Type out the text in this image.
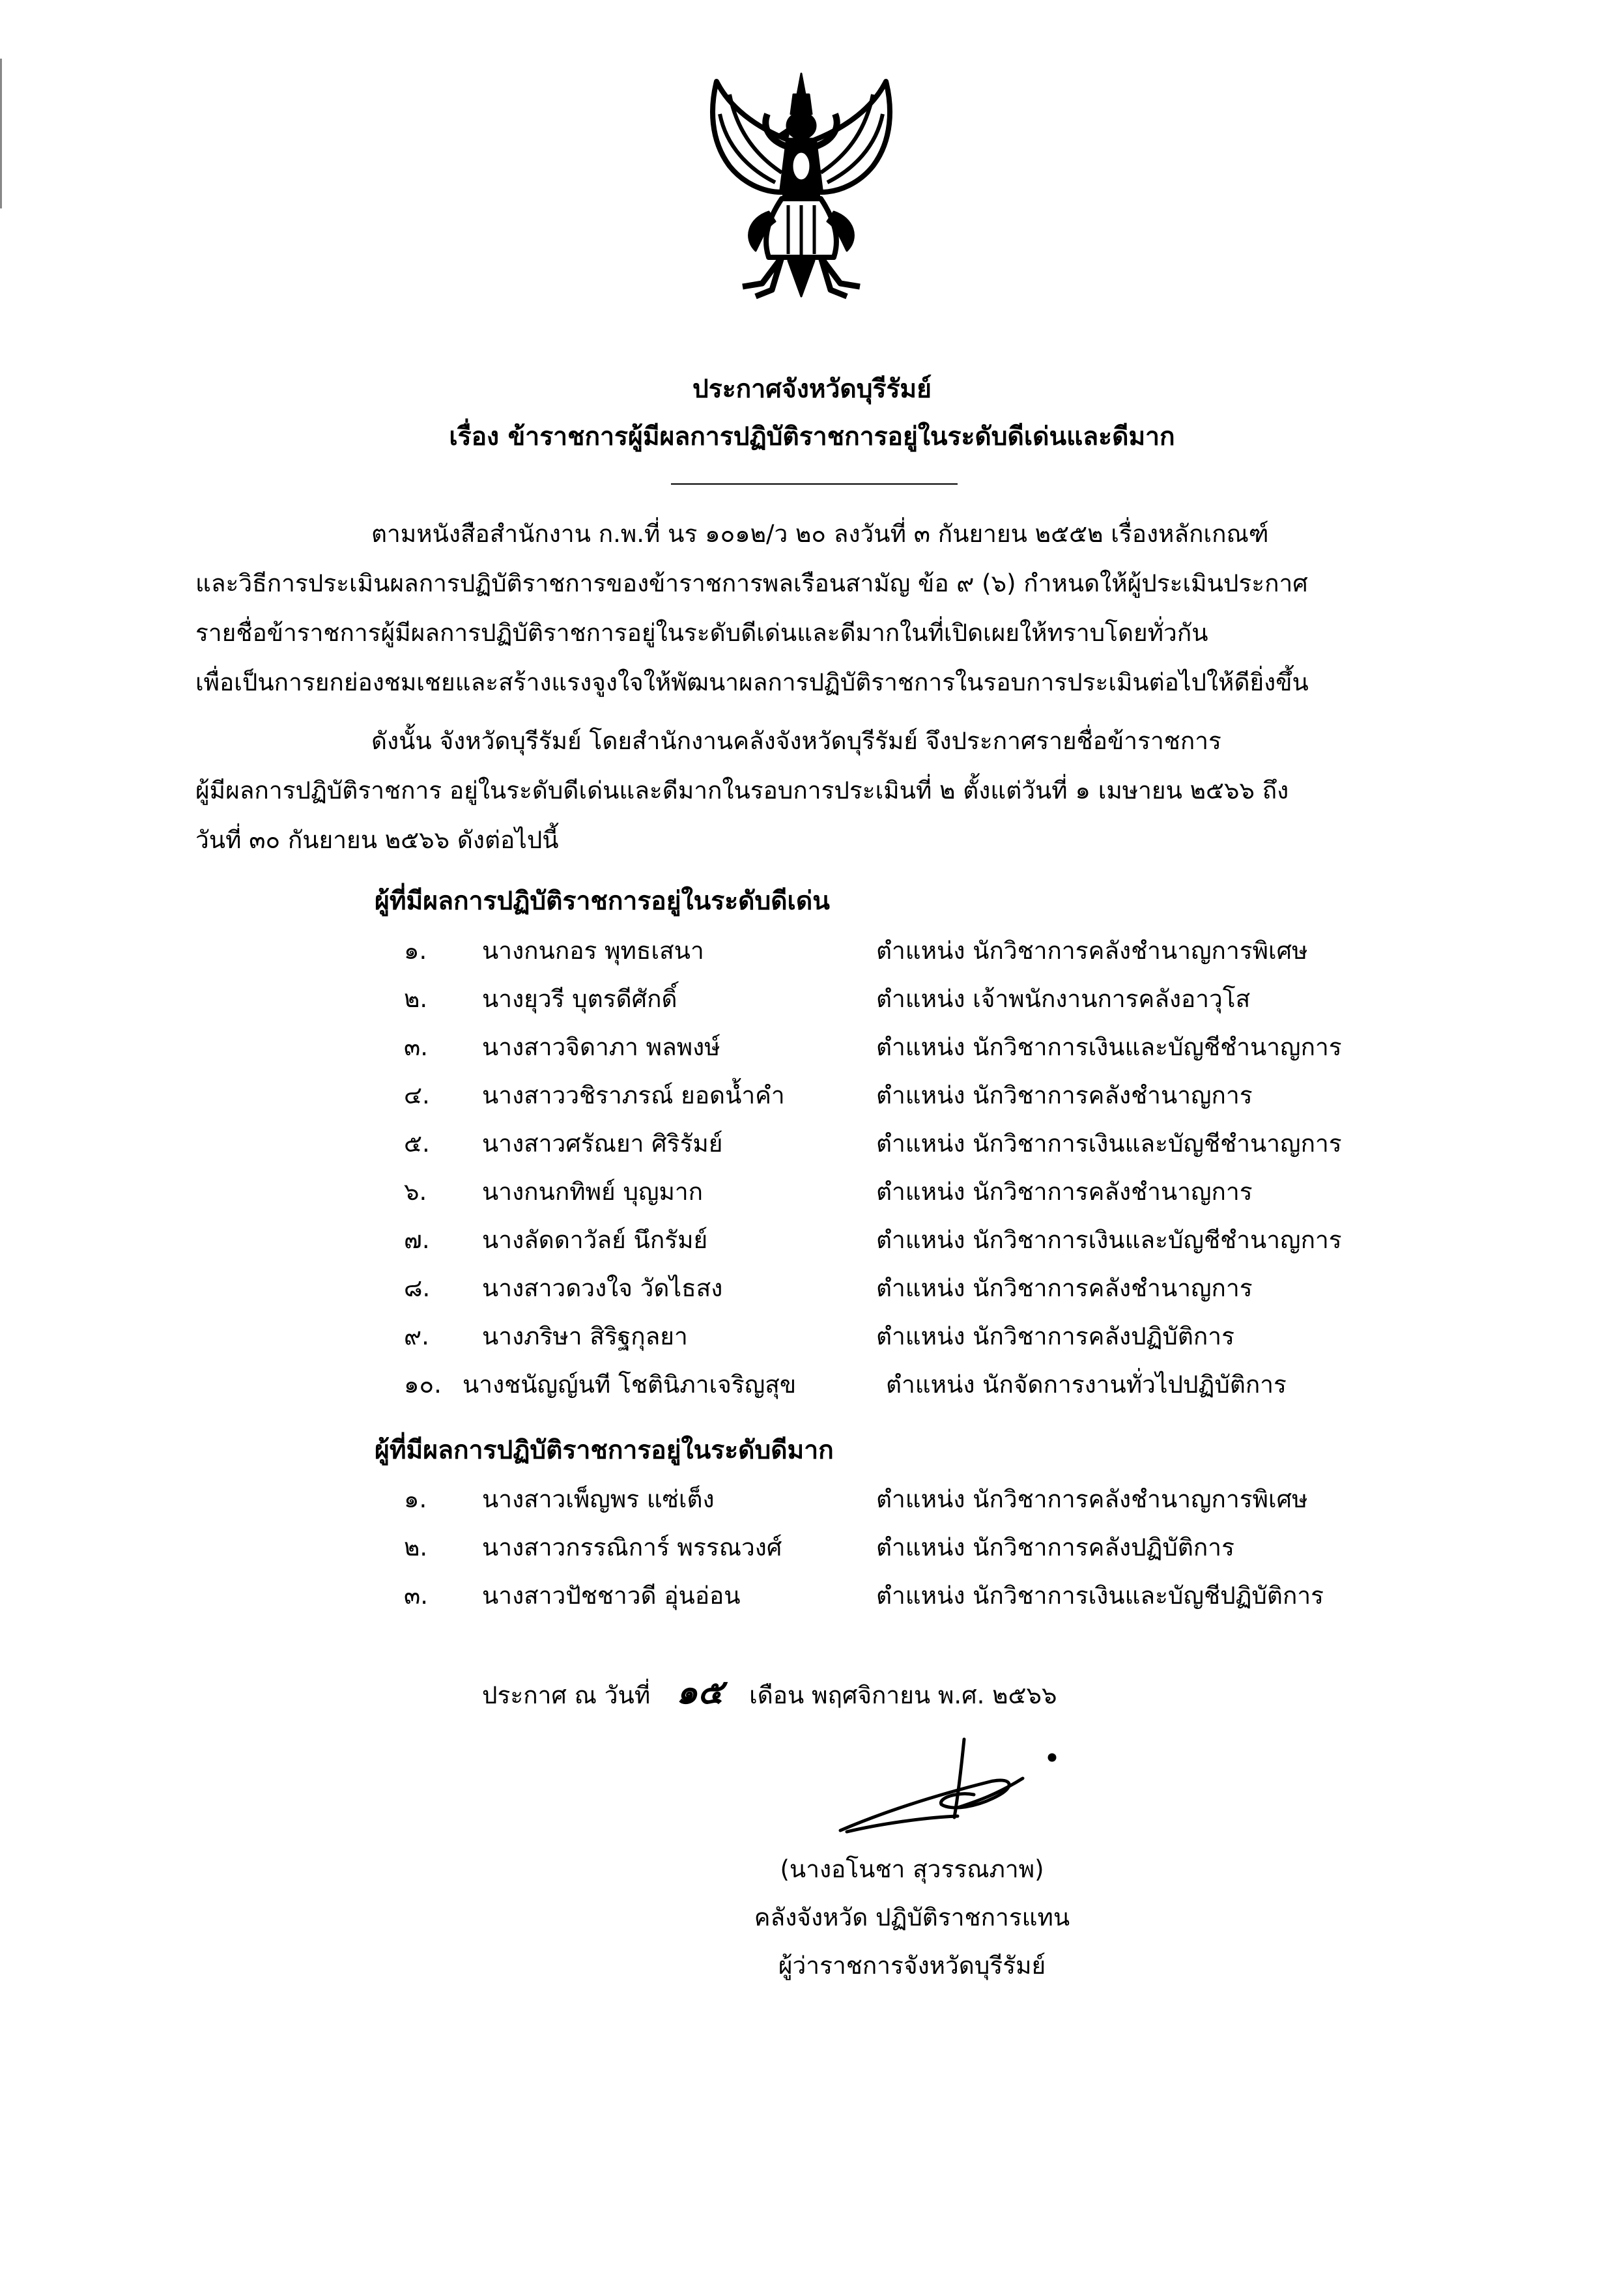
ประกาศจังหวัดบุรีรัมย์
เรื่อง ข้าราชการผู้มีผลการปฏิบัติราชการอยู่ในระดับดีเด่นและดีมาก
ตามหนังสือสำนักงาน ก.พ.ที่ นร ๑๐๑๒/ว ๒๐ ลงวันที่ ๓ กันยายน ๒๕๕๒ เรื่องหลักเกณฑ์
และวิธีการประเมินผลการปฏิบัติราชการของข้าราชการพลเรือนสามัญ ข้อ ๙ (๖) กำหนดให้ผู้ประเมินประกาศ
รายชื่อข้าราชการผู้มีผลการปฏิบัติราชการอยู่ในระดับดีเด่นและดีมากในที่เปิดเผยให้ทราบโดยทั่วกัน
เพื่อเป็นการยกย่องชมเชยและสร้างแรงจูงใจให้พัฒนาผลการปฏิบัติราชการในรอบการประเมินต่อไปให้ดียิ่งขึ้น
ดังนั้น จังหวัดบุรีรัมย์ โดยสำนักงานคลังจังหวัดบุรีรัมย์ จึงประกาศรายชื่อข้าราชการ
ผู้มีผลการปฏิบัติราชการ อยู่ในระดับดีเด่นและดีมากในรอบการประเมินที่ ๒ ตั้งแต่วันที่ ๑ เมษายน ๒๕๖๖ ถึง
วันที่ ๓๐ กันยายน ๒๕๖๖ ดังต่อไปนี้
ผู้ที่มีผลการปฏิบัติราชการอยู่ในระดับดีเด่น
๑.	นางกนกอร พุทธเสนา	ตำแหน่ง นักวิชาการคลังชำนาญการพิเศษ
๒.	นางยุวรี บุตรดีศักดิ์	ตำแหน่ง เจ้าพนักงานการคลังอาวุโส
๓.	นางสาวจิดาภา พลพงษ์	ตำแหน่ง นักวิชาการเงินและบัญชีชำนาญการ
๔.	นางสาววชิราภรณ์ ยอดน้ำคำ	ตำแหน่ง นักวิชาการคลังชำนาญการ
๕.	นางสาวศรัณยา ศิริรัมย์	ตำแหน่ง นักวิชาการเงินและบัญชีชำนาญการ
๖.	นางกนกทิพย์ บุญมาก	ตำแหน่ง นักวิชาการคลังชำนาญการ
๗.	นางลัดดาวัลย์ นึกรัมย์	ตำแหน่ง นักวิชาการเงินและบัญชีชำนาญการ
๘.	นางสาวดวงใจ วัดไธสง	ตำแหน่ง นักวิชาการคลังชำนาญการ
๙.	นางภริษา สิริฐกุลยา	ตำแหน่ง นักวิชาการคลังปฏิบัติการ
๑๐. นางชนัญญ์นที โชตินิภาเจริญสุข	ตำแหน่ง นักจัดการงานทั่วไปปฏิบัติการ
ผู้ที่มีผลการปฏิบัติราชการอยู่ในระดับดีมาก
๑.	นางสาวเพ็ญพร แซ่เต็ง	ตำแหน่ง นักวิชาการคลังชำนาญการพิเศษ
๒.	นางสาวกรรณิการ์ พรรณวงศ์	ตำแหน่ง นักวิชาการคลังปฏิบัติการ
๓.	นางสาวปัชชาวดี อุ่นอ่อน	ตำแหน่ง นักวิชาการเงินและบัญชีปฏิบัติการ
ประกาศ ณ วันที่ ๑๕ เดือน พฤศจิกายน พ.ศ. ๒๕๖๖
(นางอโนชา สุวรรณภาพ)
คลังจังหวัด ปฏิบัติราชการแทน
ผู้ว่าราชการจังหวัดบุรีรัมย์
